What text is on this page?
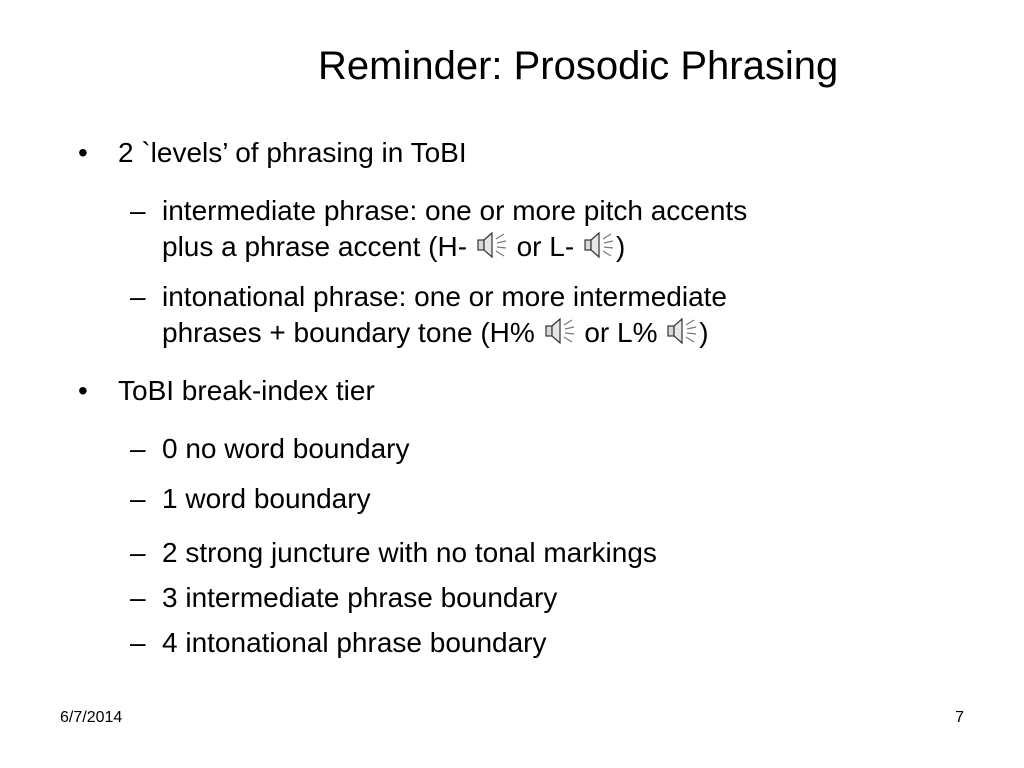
Reminder: Prosodic Phrasing
• 2 `levels’ of phrasing in ToBI
– intermediate phrase: one or more pitch accents
plus a phrase accent (H- or L- )
– intonational phrase: one or more intermediate
phrases + boundary tone (H% or L% )
• ToBI break-index tier
– 0 no word boundary
– 1 word boundary
– 2 strong juncture with no tonal markings
– 3 intermediate phrase boundary
– 4 intonational phrase boundary
6/7/2014	7
